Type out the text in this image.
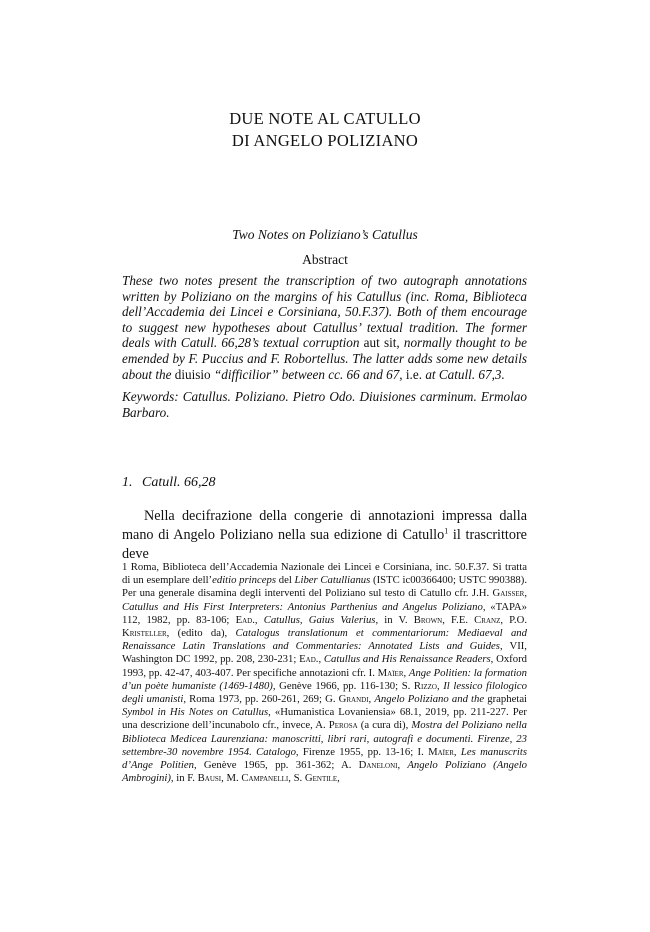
DUE NOTE AL CATULLO
DI ANGELO POLIZIANO
Two Notes on Poliziano’s Catullus
Abstract
These two notes present the transcription of two autograph annotations written by Poliziano on the margins of his Catullus (inc. Roma, Biblioteca dell’Accademia dei Lincei e Corsiniana, 50.F.37). Both of them encourage to suggest new hypotheses about Catullus’ textual tradition. The former deals with Catull. 66,28’s textual corruption aut sit, normally thought to be emended by F. Puccius and F. Robortellus. The latter adds some new details about the diuisio “difficilior” between cc. 66 and 67, i.e. at Catull. 67,3.
Keywords: Catullus. Poliziano. Pietro Odo. Diuisiones carminum. Ermolao Barbaro.
1. Catull. 66,28
Nella decifrazione della congerie di annotazioni impressa dalla mano di Angelo Poliziano nella sua edizione di Catullo$^1$ il trascrittore deve
1 Roma, Biblioteca dell’Accademia Nazionale dei Lincei e Corsiniana, inc. 50.F.37. Si tratta di un esemplare dell’editio princeps del Liber Catullianus (ISTC ic00366400; USTC 990388). Per una generale disamina degli interventi del Poliziano sul testo di Catullo cfr. J.H. Gaisser, Catullus and His First Interpreters: Antonius Parthenius and Angelus Poliziano, «TAPA» 112, 1982, pp. 83-106; Ead., Catullus, Gaius Valerius, in V. Brown, F.E. Cranz, P.O. Kristeller, (edito da), Catalogus translationum et commentariorum: Mediaeval and Renaissance Latin Translations and Commentaries: Annotated Lists and Guides, VII, Washington DC 1992, pp. 208, 230-231; Ead., Catullus and His Renaissance Readers, Oxford 1993, pp. 42-47, 403-407. Per specifiche annotazioni cfr. I. Maïer, Ange Politien: la formation d’un poète humaniste (1469-1480), Genève 1966, pp. 116-130; S. Rizzo, Il lessico filologico degli umanisti, Roma 1973, pp. 260-261, 269; G. Grandi, Angelo Poliziano and the graphetai Symbol in His Notes on Catullus, «Humanistica Lovaniensia» 68.1, 2019, pp. 211-227. Per una descrizione dell’incunabolo cfr., invece, A. Perosa (a cura di), Mostra del Poliziano nella Biblioteca Medicea Laurenziana: manoscritti, libri rari, autografi e documenti. Firenze, 23 settembre-30 novembre 1954. Catalogo, Firenze 1955, pp. 13-16; I. Maïer, Les manuscrits d’Ange Politien, Genève 1965, pp. 361-362; A. Daneloni, Angelo Poliziano (Angelo Ambrogini), in F. Bausi, M. Campanelli, S. Gentile,
